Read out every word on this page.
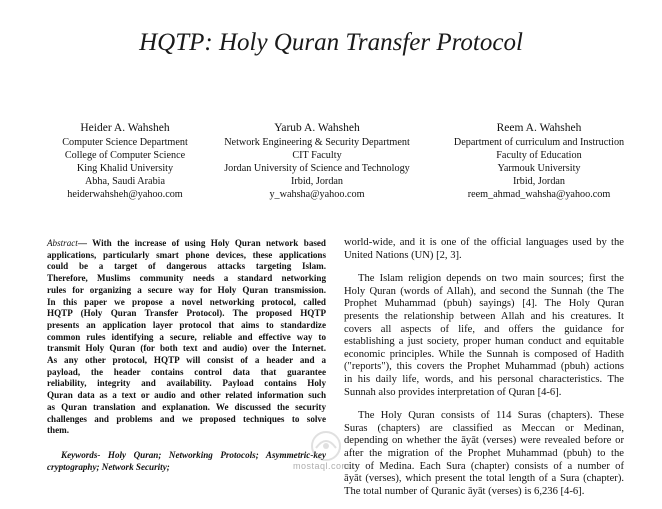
HQTP: Holy Quran Transfer Protocol
Heider A. Wahsheh
Computer Science Department
College of Computer Science
King Khalid University
Abha, Saudi Arabia
heiderwahsheh@yahoo.com
Yarub A. Wahsheh
Network Engineering & Security Department
CIT Faculty
Jordan University of Science and Technology
Irbid, Jordan
y_wahsha@yahoo.com
Reem A. Wahsheh
Department of curriculum and Instruction
Faculty of Education
Yarmouk University
Irbid, Jordan
reem_ahmad_wahsha@yahoo.com
Abstract— With the increase of using Holy Quran network based
applications, particularly smart phone devices, these applications
could be a target of dangerous attacks targeting Islam.
Therefore, Muslims community needs a standard networking
rules for organizing a secure way for Holy Quran transmission.
In this paper we propose a novel networking protocol, called
HQTP (Holy Quran Transfer Protocol). The proposed HQTP
presents an application layer protocol that aims to standardize
common rules identifying a secure, reliable and effective way to
transmit Holy Quran (for both text and audio) over the Internet.
As any other protocol, HQTP will consist of a header and a
payload, the header contains control data that guarantee
reliability, integrity and availability. Payload contains Holy
Quran data as a text or audio and other related information such
as Quran translation and explanation. We discussed the security
challenges and problems and we proposed techniques to solve
them.
Keywords- Holy Quran; Networking Protocols; Asymmetric-key
cryptography; Network Security;

world-wide, and it is one of the official languages used by the
United Nations (UN) [2, 3].

The Islam religion depends on two main sources; first the
Holy Quran (words of Allah), and second the Sunnah (the The
Prophet Muhammad (pbuh) sayings) [4]. The Holy Quran
presents the relationship between Allah and his creatures. It
covers all aspects of life, and offers the guidance for
establishing a just society, proper human conduct and equitable
economic principles. While the Sunnah is composed of Hadith
("reports"), this covers the Prophet Muhammad (pbuh) actions
in his daily life, words, and his personal characteristics. The
Sunnah also provides interpretation of Quran [4-6].

The Holy Quran consists of 114 Suras (chapters). These
Suras (chapters) are classified as Meccan or Medinan,
depending on whether the āyāt (verses) were revealed before or
after the migration of the Prophet Muhammad (pbuh) to the
city of Medina. Each Sura (chapter) consists of a number of
āyāt (verses), which present the total length of a Sura (chapter).
The total number of Quranic āyāt (verses) is 6,236 [4-6].

mostaql.com
